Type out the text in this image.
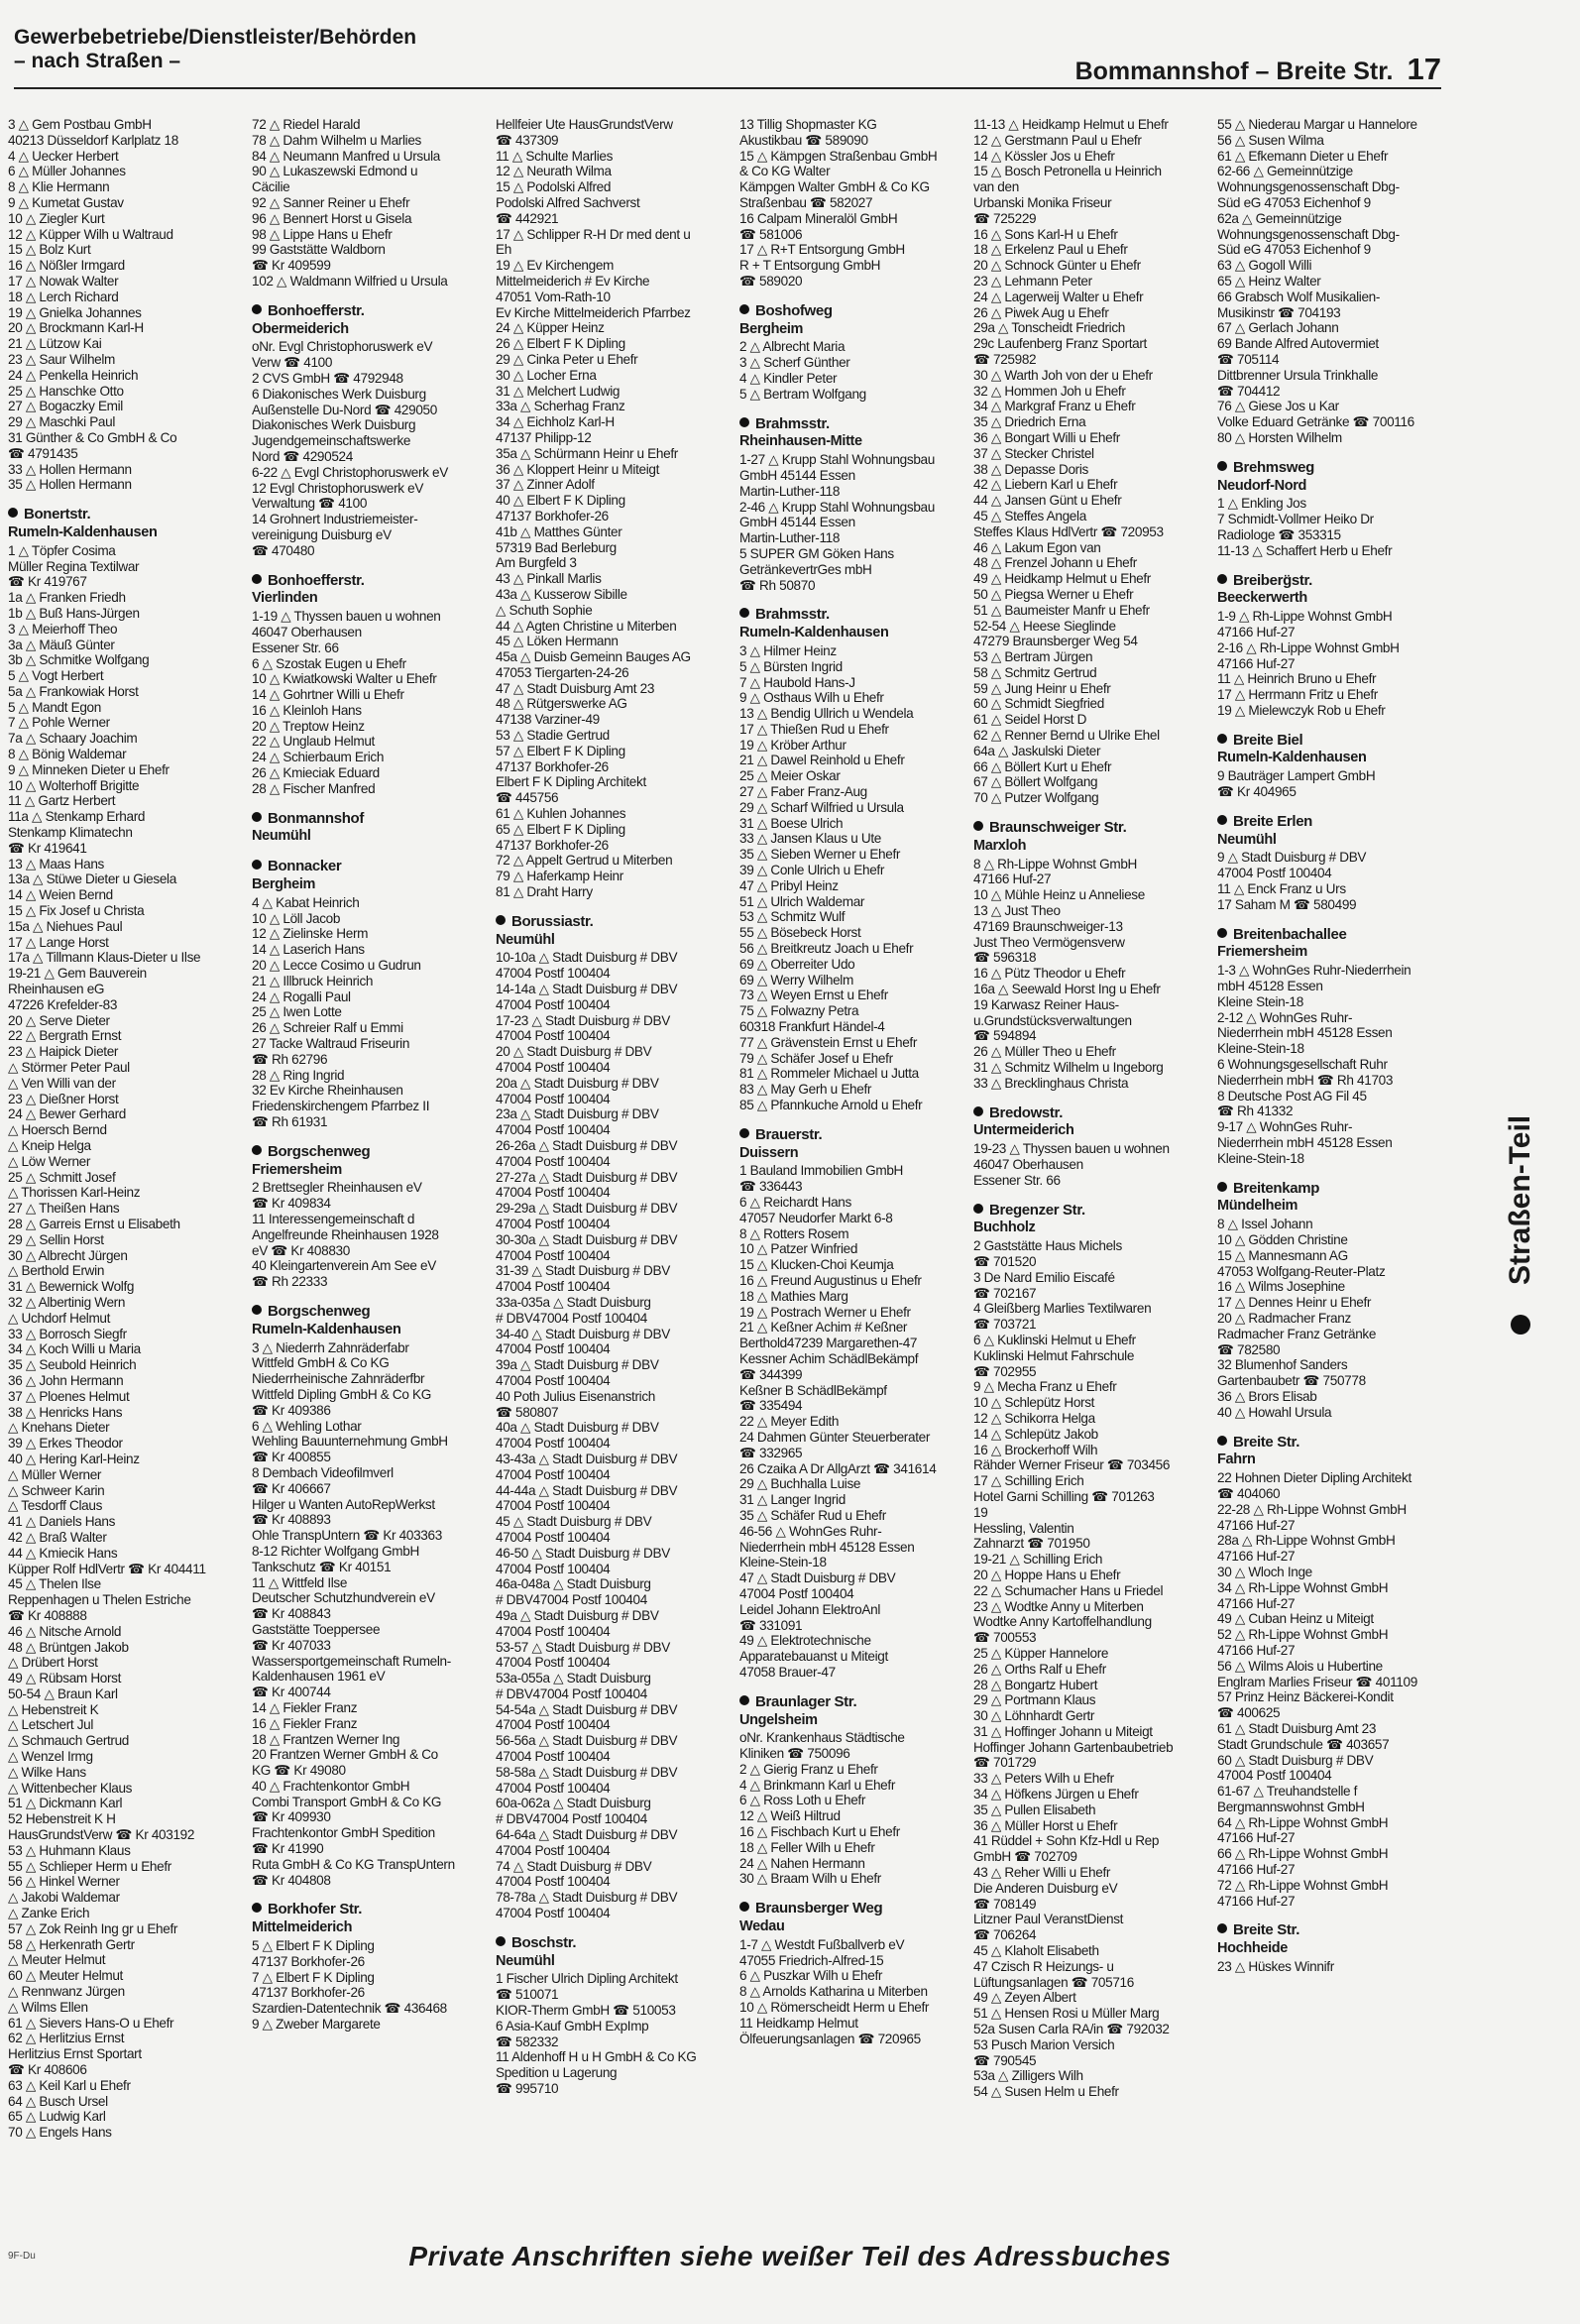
Gewerbebetriebe/Dienstleister/Behörden
– nach Straßen –	Bommannshof – Breite Str. 17
3 △ Gem Postbau GmbH
40213 Düsseldorf Karlplatz 18
4 △ Uecker Herbert
6 △ Müller Johannes
8 △ Klie Hermann
9 △ Kumetat Gustav
10 △ Ziegler Kurt
12 △ Küpper Wilh u Waltraud
15 △ Bolz Kurt
16 △ Nößler Irmgard
17 △ Nowak Walter
18 △ Lerch Richard
19 △ Gnielka Johannes
20 △ Brockmann Karl-H
21 △ Lützow Kai
23 △ Saur Wilhelm
24 △ Penkella Heinrich
25 △ Hanschke Otto
27 △ Bogaczky Emil
29 △ Maschki Paul
31 Günther & Co GmbH & Co
☎ 4791435
33 △ Hollen Hermann
35 △ Hollen Hermann
Bonertstr.
Rumeln-Kaldenhausen
1 △ Töpfer Cosima
Müller Regina Textilwar
☎ Kr 419767
1a △ Franken Friedh
1b △ Buß Hans-Jürgen
3 △ Meierhoff Theo
3a △ Mäuß Günter
3b △ Schmitke Wolfgang
5 △ Vogt Herbert
5a △ Frankowiak Horst
5 △ Mandt Egon
7 △ Pohle Werner
7a △ Schaary Joachim
8 △ Bönig Waldemar
9 △ Minneken Dieter u Ehefr
10 △ Wolterhoff Brigitte
11 △ Gartz Herbert
11a △ Stenkamp Erhard
Stenkamp Klimatechn
☎ Kr 419641
13 △ Maas Hans
13a △ Stüwe Dieter u Giesela
14 △ Weien Bernd
15 △ Fix Josef u Christa
15a △ Niehues Paul
17 △ Lange Horst
17a △ Tillmann Klaus-Dieter u Ilse
19-21 △ Gem Bauverein
Rheinhausen eG
47226 Krefelder-83
20 △ Serve Dieter
22 △ Bergrath Ernst
23 △ Haipick Dieter
△ Störmer Peter Paul
△ Ven Willi van der
23 △ Dießner Horst
24 △ Bewer Gerhard
△ Hoersch Bernd
△ Kneip Helga
△ Löw Werner
25 △ Schmitt Josef
△ Thorissen Karl-Heinz
27 △ Theißen Hans
28 △ Garreis Ernst u Elisabeth
29 △ Sellin Horst
30 △ Albrecht Jürgen
△ Berthold Erwin
31 △ Bewernick Wolfg
32 △ Albertinig Wern
△ Uchdorf Helmut
33 △ Borrosch Siegfr
34 △ Koch Willi u Maria
35 △ Seubold Heinrich
36 △ John Hermann
37 △ Ploenes Helmut
38 △ Henricks Hans
△ Knehans Dieter
39 △ Erkes Theodor
40 △ Hering Karl-Heinz
△ Müller Werner
△ Schweer Karin
△ Tesdorff Claus
41 △ Daniels Hans
42 △ Braß Walter
44 △ Kmiecik Hans
Küpper Rolf HdlVertr ☎ Kr 404411
45 △ Thelen Ilse
Reppenhagen u Thelen Estriche
☎ Kr 408888
46 △ Nitsche Arnold
48 △ Brüntgen Jakob
△ Drübert Horst
49 △ Rübsam Horst
50-54 △ Braun Karl
△ Hebenstreit K
△ Letschert Jul
△ Schmauch Gertrud
△ Wenzel Irmg
△ Wilke Hans
△ Wittenbecher Klaus
51 △ Dickmann Karl
52 Hebenstreit K H
HausGrundstVerw ☎ Kr 403192
53 △ Huhmann Klaus
55 △ Schlieper Herm u Ehefr
56 △ Hinkel Werner
△ Jakobi Waldemar
△ Zanke Erich
57 △ Zok Reinh Ing gr u Ehefr
58 △ Herkenrath Gertr
△ Meuter Helmut
60 △ Meuter Helmut
△ Rennwanz Jürgen
△ Wilms Ellen
61 △ Sievers Hans-O u Ehefr
62 △ Herlitzius Ernst
Herlitzius Ernst Sportart
☎ Kr 408606
63 △ Keil Karl u Ehefr
64 △ Busch Ursel
65 △ Ludwig Karl
70 △ Engels Hans
72 △ Riedel Harald
78 △ Dahm Wilhelm u Marlies
84 △ Neumann Manfred u Ursula
90 △ Lukaszewski Edmond u
Cäcilie
92 △ Sanner Reiner u Ehefr
96 △ Bennert Horst u Gisela
98 △ Lippe Hans u Ehefr
99 Gaststätte Waldborn
☎ Kr 409599
102 △ Waldmann Wilfried u Ursula
Bonhoefferstr.
Obermeiderich
oNr. Evgl Christophoruswerk eV
Verw ☎ 4100
2 CVS GmbH ☎ 4792948
6 Diakonisches Werk Duisburg
Außenstelle Du-Nord ☎ 429050
Diakonisches Werk Duisburg
Jugendgemeinschaftswerke
Nord ☎ 4290524
6-22 △ Evgl Christophoruswerk eV
12 Evgl Christophoruswerk eV
Verwaltung ☎ 4100
14 Grohnert Industriemeister-
vereinigung Duisburg eV
☎ 470480
Bonhoefferstr.
Vierlinden
1-19 △ Thyssen bauen u wohnen
46047 Oberhausen
Essener Str. 66
6 △ Szostak Eugen u Ehefr
10 △ Kwiatkowski Walter u Ehefr
14 △ Gohrtner Willi u Ehefr
16 △ Kleinloh Hans
20 △ Treptow Heinz
22 △ Unglaub Helmut
24 △ Schierbaum Erich
26 △ Kmieciak Eduard
28 △ Fischer Manfred
Bonmannshof
Neumühl
Bonnacker
Bergheim
4 △ Kabat Heinrich
10 △ Löll Jacob
12 △ Zielinske Herm
14 △ Laserich Hans
20 △ Lecce Cosimo u Gudrun
21 △ Illbruck Heinrich
24 △ Rogalli Paul
25 △ Iwen Lotte
26 △ Schreier Ralf u Emmi
27 Tacke Waltraud Friseurin
☎ Rh 62796
28 △ Ring Ingrid
32 Ev Kirche Rheinhausen
Friedenskirchengem Pfarrbez II
☎ Rh 61931
Borgschenweg
Friemersheim
2 Brettsegler Rheinhausen eV
☎ Kr 409834
11 Interessengemeinschaft d
Angelfreunde Rheinhausen 1928
eV ☎ Kr 408830
40 Kleingartenverein Am See eV
☎ Rh 22333
Borgschenweg
Rumeln-Kaldenhausen
3 △ Niederrh Zahnräderfabr
Wittfeld GmbH & Co KG
Niederrheinische Zahnräderfbr
Wittfeld Dipling GmbH & Co KG
☎ Kr 409386
6 △ Wehling Lothar
Wehling Bauunternehmung GmbH
☎ Kr 400855
8 Dembach Videofilmverl
☎ Kr 406667
Hilger u Wanten AutoRepWerkst
☎ Kr 408893
Ohle TranspUntern ☎ Kr 403363
8-12 Richter Wolfgang GmbH
Tankschutz ☎ Kr 40151
11 △ Wittfeld Ilse
Deutscher Schutzhundverein eV
☎ Kr 408843
Gaststätte Toeppersee
☎ Kr 407033
Wassersportgemeinschaft Rumeln-
Kaldenhausen 1961 eV
☎ Kr 400744
14 △ Fiekler Franz
16 △ Fiekler Franz
18 △ Frantzen Werner Ing
20 Frantzen Werner GmbH & Co
KG ☎ Kr 49080
40 △ Frachtenkontor GmbH
Combi Transport GmbH & Co KG
☎ Kr 409930
Frachtenkontor GmbH Spedition
☎ Kr 41990
Ruta GmbH & Co KG TranspUntern
☎ Kr 404808
Borkhofer Str.
Mittelmeiderich
5 △ Elbert F K Dipling
47137 Borkhofer-26
7 △ Elbert F K Dipling
47137 Borkhofer-26
Szardien-Datentechnik ☎ 436468
9 △ Zweber Margarete
Hellfeier Ute HausGrundstVerw
☎ 437309
11 △ Schulte Marlies
12 △ Neurath Wilma
15 △ Podolski Alfred
Podolski Alfred Sachverst
☎ 442921
17 △ Schlipper R-H Dr med dent u
Eh
19 △ Ev Kirchengem
Mittelmeiderich # Ev Kirche
47051 Vom-Rath-10
Ev Kirche Mittelmeiderich Pfarrbez
24 △ Küpper Heinz
26 △ Elbert F K Dipling
29 △ Cinka Peter u Ehefr
30 △ Locher Erna
31 △ Melchert Ludwig
33a △ Scherhag Franz
34 △ Eichholz Karl-H
47137 Philipp-12
35a △ Schürmann Heinr u Ehefr
36 △ Kloppert Heinr u Miteigt
37 △ Zinner Adolf
40 △ Elbert F K Dipling
47137 Borkhofer-26
41b △ Matthes Günter
57319 Bad Berleburg
Am Burgfeld 3
43 △ Pinkall Marlis
43a △ Kusserow Sibille
△ Schuth Sophie
44 △ Agten Christine u Miterben
45 △ Löken Hermann
45a △ Duisb Gemeinn Bauges AG
47053 Tiergarten-24-26
47 △ Stadt Duisburg Amt 23
48 △ Rütgerswerke AG
47138 Varziner-49
53 △ Stadie Gertrud
57 △ Elbert F K Dipling
47137 Borkhofer-26
Elbert F K Dipling Architekt
☎ 445756
61 △ Kuhlen Johannes
65 △ Elbert F K Dipling
47137 Borkhofer-26
72 △ Appelt Gertrud u Miterben
79 △ Haferkamp Heinr
81 △ Draht Harry
Borussiastr.
Neumühl
10-10a △ Stadt Duisburg # DBV
47004 Postf 100404
14-14a △ Stadt Duisburg # DBV
47004 Postf 100404
17-23 △ Stadt Duisburg # DBV
47004 Postf 100404
20 △ Stadt Duisburg # DBV
47004 Postf 100404
20a △ Stadt Duisburg # DBV
47004 Postf 100404
23a △ Stadt Duisburg # DBV
47004 Postf 100404
26-26a △ Stadt Duisburg # DBV
47004 Postf 100404
27-27a △ Stadt Duisburg # DBV
47004 Postf 100404
29-29a △ Stadt Duisburg # DBV
47004 Postf 100404
30-30a △ Stadt Duisburg # DBV
47004 Postf 100404
31-39 △ Stadt Duisburg # DBV
47004 Postf 100404
33a-035a △ Stadt Duisburg
# DBV47004 Postf 100404
34-40 △ Stadt Duisburg # DBV
47004 Postf 100404
39a △ Stadt Duisburg # DBV
47004 Postf 100404
40 Poth Julius Eisenanstrich
☎ 580807
40a △ Stadt Duisburg # DBV
47004 Postf 100404
43-43a △ Stadt Duisburg # DBV
47004 Postf 100404
44-44a △ Stadt Duisburg # DBV
47004 Postf 100404
45 △ Stadt Duisburg # DBV
47004 Postf 100404
46-50 △ Stadt Duisburg # DBV
47004 Postf 100404
46a-048a △ Stadt Duisburg
# DBV47004 Postf 100404
49a △ Stadt Duisburg # DBV
47004 Postf 100404
53-57 △ Stadt Duisburg # DBV
47004 Postf 100404
53a-055a △ Stadt Duisburg
# DBV47004 Postf 100404
54-54a △ Stadt Duisburg # DBV
47004 Postf 100404
56-56a △ Stadt Duisburg # DBV
47004 Postf 100404
58-58a △ Stadt Duisburg # DBV
47004 Postf 100404
60a-062a △ Stadt Duisburg
# DBV47004 Postf 100404
64-64a △ Stadt Duisburg # DBV
47004 Postf 100404
74 △ Stadt Duisburg # DBV
47004 Postf 100404
78-78a △ Stadt Duisburg # DBV
47004 Postf 100404
Boschstr.
Neumühl
1 Fischer Ulrich Dipling Architekt
☎ 510071
KIOR-Therm GmbH ☎ 510053
6 Asia-Kauf GmbH ExpImp
☎ 582332
11 Aldenhoff H u H GmbH & Co KG
Spedition u Lagerung
☎ 995710
13 Tillig Shopmaster KG
Akustikbau ☎ 589090
15 △ Kämpgen Straßenbau GmbH
& Co KG Walter
Kämpgen Walter GmbH & Co KG
Straßenbau ☎ 582027
16 Calpam Mineralöl GmbH
☎ 581006
17 △ R+T Entsorgung GmbH
R + T Entsorgung GmbH
☎ 589020
Boshofweg
Bergheim
2 △ Albrecht Maria
3 △ Scherf Günther
4 △ Kindler Peter
5 △ Bertram Wolfgang
Brahmsstr.
Rheinhausen-Mitte
1-27 △ Krupp Stahl Wohnungsbau
GmbH 45144 Essen
Martin-Luther-118
2-46 △ Krupp Stahl Wohnungsbau
GmbH 45144 Essen
Martin-Luther-118
5 SUPER GM Göken Hans
GetränkevertrGes mbH
☎ Rh 50870
Brahmsstr.
Rumeln-Kaldenhausen
3 △ Hilmer Heinz
5 △ Bürsten Ingrid
7 △ Haubold Hans-J
9 △ Osthaus Wilh u Ehefr
13 △ Bendig Ullrich u Wendela
17 △ Thießen Rud u Ehefr
19 △ Kröber Arthur
21 △ Dawel Reinhold u Ehefr
25 △ Meier Oskar
27 △ Faber Franz-Aug
29 △ Scharf Wilfried u Ursula
31 △ Boese Ulrich
33 △ Jansen Klaus u Ute
35 △ Sieben Werner u Ehefr
39 △ Conle Ulrich u Ehefr
47 △ Pribyl Heinz
51 △ Ulrich Waldemar
53 △ Schmitz Wulf
55 △ Bösebeck Horst
56 △ Breitkreutz Joach u Ehefr
69 △ Oberreiter Udo
69 △ Werry Wilhelm
73 △ Weyen Ernst u Ehefr
75 △ Folwazny Petra
60318 Frankfurt Händel-4
77 △ Grävenstein Ernst u Ehefr
79 △ Schäfer Josef u Ehefr
81 △ Rommeler Michael u Jutta
83 △ May Gerh u Ehefr
85 △ Pfannkuche Arnold u Ehefr
Brauerstr.
Duissern
1 Bauland Immobilien GmbH
☎ 336443
6 △ Reichardt Hans
47057 Neudorfer Markt 6-8
8 △ Rotters Rosem
10 △ Patzer Winfried
15 △ Klucken-Choi Keumja
16 △ Freund Augustinus u Ehefr
18 △ Mathies Marg
19 △ Postrach Werner u Ehefr
21 △ Keßner Achim # Keßner
Berthold47239 Margarethen-47
Kessner Achim SchädlBekämpf
☎ 344399
Keßner B SchädlBekämpf
☎ 335494
22 △ Meyer Edith
24 Dahmen Günter Steuerberater
☎ 332965
26 Czaika A Dr AllgArzt ☎ 341614
29 △ Buchhalla Luise
31 △ Langer Ingrid
35 △ Schäfer Rud u Ehefr
46-56 △ WohnGes Ruhr-
Niederrhein mbH 45128 Essen
Kleine-Stein-18
47 △ Stadt Duisburg # DBV
47004 Postf 100404
Leidel Johann ElektroAnl
☎ 331091
49 △ Elektrotechnische
Apparatebauanst u Miteigt
47058 Brauer-47
Braunlager Str.
Ungelsheim
oNr. Krankenhaus Städtische
Kliniken ☎ 750096
2 △ Gierig Franz u Ehefr
4 △ Brinkmann Karl u Ehefr
6 △ Ross Loth u Ehefr
12 △ Weiß Hiltrud
16 △ Fischbach Kurt u Ehefr
18 △ Feller Wilh u Ehefr
24 △ Nahen Hermann
30 △ Braam Wilh u Ehefr
Braunsberger Weg
Wedau
1-7 △ Westdt Fußballverb eV
47055 Friedrich-Alfred-15
6 △ Puszkar Wilh u Ehefr
8 △ Arnolds Katharina u Miterben
10 △ Römerscheidt Herm u Ehefr
11 Heidkamp Helmut
Ölfeuerungsanlagen ☎ 720965
11-13 △ Heidkamp Helmut u Ehefr
12 △ Gerstmann Paul u Ehefr
14 △ Kössler Jos u Ehefr
15 △ Bosch Petronella u Heinrich
van den
Urbanski Monika Friseur
☎ 725229
16 △ Sons Karl-H u Ehefr
18 △ Erkelenz Paul u Ehefr
20 △ Schnock Günter u Ehefr
23 △ Lehmann Peter
24 △ Lagerweij Walter u Ehefr
26 △ Piwek Aug u Ehefr
29a △ Tonscheidt Friedrich
29c Laufenberg Franz Sportart
☎ 725982
30 △ Warth Joh von der u Ehefr
32 △ Hommen Joh u Ehefr
34 △ Markgraf Franz u Ehefr
35 △ Driedrich Erna
36 △ Bongart Willi u Ehefr
37 △ Stecker Christel
38 △ Depasse Doris
42 △ Liebern Karl u Ehefr
44 △ Jansen Günt u Ehefr
45 △ Steffes Angela
Steffes Klaus HdlVertr ☎ 720953
46 △ Lakum Egon van
48 △ Frenzel Johann u Ehefr
49 △ Heidkamp Helmut u Ehefr
50 △ Piegsa Werner u Ehefr
51 △ Baumeister Manfr u Ehefr
52-54 △ Heese Sieglinde
47279 Braunsberger Weg 54
53 △ Bertram Jürgen
58 △ Schmitz Gertrud
59 △ Jung Heinr u Ehefr
60 △ Schmidt Siegfried
61 △ Seidel Horst D
62 △ Renner Bernd u Ulrike Ehel
64a △ Jaskulski Dieter
66 △ Böllert Kurt u Ehefr
67 △ Böllert Wolfgang
70 △ Putzer Wolfgang
Braunschweiger Str.
Marxloh
8 △ Rh-Lippe Wohnst GmbH
47166 Huf-27
10 △ Mühle Heinz u Anneliese
13 △ Just Theo
47169 Braunschweiger-13
Just Theo Vermögensverw
☎ 596318
16 △ Pütz Theodor u Ehefr
16a △ Seewald Horst Ing u Ehefr
19 Karwasz Reiner Haus-
u.Grundstücksverwaltungen
☎ 594894
26 △ Müller Theo u Ehefr
31 △ Schmitz Wilhelm u Ingeborg
33 △ Brecklinghaus Christa
Bredowstr.
Untermeiderich
19-23 △ Thyssen bauen u wohnen
46047 Oberhausen
Essener Str. 66
Bregenzer Str.
Buchholz
2 Gaststätte Haus Michels
☎ 701520
3 De Nard Emilio Eiscafé
☎ 702167
4 Gleißberg Marlies Textilwaren
☎ 703721
6 △ Kuklinski Helmut u Ehefr
Kuklinski Helmut Fahrschule
☎ 702955
9 △ Mecha Franz u Ehefr
10 △ Schlepütz Horst
12 △ Schikorra Helga
14 △ Schlepütz Jakob
16 △ Brockerhoff Wilh
Rähder Werner Friseur ☎ 703456
17 △ Schilling Erich
Hotel Garni Schilling ☎ 701263
19
Hessling, Valentin
Zahnarzt ☎ 701950
19-21 △ Schilling Erich
20 △ Hoppe Hans u Ehefr
22 △ Schumacher Hans u Friedel
23 △ Wodtke Anny u Miterben
Wodtke Anny Kartoffelhandlung
☎ 700553
25 △ Küpper Hannelore
26 △ Orths Ralf u Ehefr
28 △ Bongartz Hubert
29 △ Portmann Klaus
30 △ Löhnhardt Gertr
31 △ Hoffinger Johann u Miteigt
Hoffinger Johann Gartenbaubetrieb
☎ 701729
33 △ Peters Wilh u Ehefr
34 △ Höfkens Jürgen u Ehefr
35 △ Pullen Elisabeth
36 △ Müller Horst u Ehefr
41 Rüddel + Sohn Kfz-Hdl u Rep
GmbH ☎ 702709
43 △ Reher Willi u Ehefr
Die Anderen Duisburg eV
☎ 708149
Litzner Paul VeranstDienst
☎ 706264
45 △ Klaholt Elisabeth
47 Czisch R Heizungs- u
Lüftungsanlagen ☎ 705716
49 △ Zeyen Albert
51 △ Hensen Rosi u Müller Marg
52a Susen Carla RA/in ☎ 792032
53 Pusch Marion Versich
☎ 790545
53a △ Zilligers Wilh
54 △ Susen Helm u Ehefr
55 △ Niederau Margar u Hannelore
56 △ Susen Wilma
61 △ Efkemann Dieter u Ehefr
62-66 △ Gemeinnützige
Wohnungsgenossenschaft Dbg-
Süd eG 47053 Eichenhof 9
62a △ Gemeinnützige
Wohnungsgenossenschaft Dbg-
Süd eG 47053 Eichenhof 9
63 △ Gogoll Willi
65 △ Heinz Walter
66 Grabsch Wolf Musikalien-
Musikinstr ☎ 704193
67 △ Gerlach Johann
69 Bande Alfred Autovermiet
☎ 705114
Dittbrenner Ursula Trinkhalle
☎ 704412
76 △ Giese Jos u Kar
Volke Eduard Getränke ☎ 700116
80 △ Horsten Wilhelm
Brehmsweg
Neudorf-Nord
1 △ Enkling Jos
7 Schmidt-Vollmer Heiko Dr
Radiologe ☎ 353315
11-13 △ Schaffert Herb u Ehefr
Breiberg̈str.
Beeckerwerth
1-9 △ Rh-Lippe Wohnst GmbH
47166 Huf-27
2-16 △ Rh-Lippe Wohnst GmbH
47166 Huf-27
11 △ Heinrich Bruno u Ehefr
17 △ Herrmann Fritz u Ehefr
19 △ Mielewczyk Rob u Ehefr
Breite Biel
Rumeln-Kaldenhausen
9 Bauträger Lampert GmbH
☎ Kr 404965
Breite Erlen
Neumühl
9 △ Stadt Duisburg # DBV
47004 Postf 100404
11 △ Enck Franz u Urs
17 Saham M ☎ 580499
Breitenbachallee
Friemersheim
1-3 △ WohnGes Ruhr-Niederrhein
mbH 45128 Essen
Kleine Stein-18
2-12 △ WohnGes Ruhr-
Niederrhein mbH 45128 Essen
Kleine-Stein-18
6 Wohnungsgesellschaft Ruhr
Niederrhein mbH ☎ Rh 41703
8 Deutsche Post AG Fil 45
☎ Rh 41332
9-17 △ WohnGes Ruhr-
Niederrhein mbH 45128 Essen
Kleine-Stein-18
Breitenkamp
Mündelheim
8 △ Issel Johann
10 △ Gödden Christine
15 △ Mannesmann AG
47053 Wolfgang-Reuter-Platz
16 △ Wilms Josephine
17 △ Dennes Heinr u Ehefr
20 △ Radmacher Franz
Radmacher Franz Getränke
☎ 782580
32 Blumenhof Sanders
Gartenbaubetr ☎ 750778
36 △ Brors Elisab
40 △ Howahl Ursula
Breite Str.
Fahrn
22 Hohnen Dieter Dipling Architekt
☎ 404060
22-28 △ Rh-Lippe Wohnst GmbH
47166 Huf-27
28a △ Rh-Lippe Wohnst GmbH
47166 Huf-27
30 △ Wloch Inge
34 △ Rh-Lippe Wohnst GmbH
47166 Huf-27
49 △ Cuban Heinz u Miteigt
52 △ Rh-Lippe Wohnst GmbH
47166 Huf-27
56 △ Wilms Alois u Hubertine
Englram Marlies Friseur ☎ 401109
57 Prinz Heinz Bäckerei-Kondit
☎ 400625
61 △ Stadt Duisburg Amt 23
Stadt Grundschule ☎ 403657
60 △ Stadt Duisburg # DBV
47004 Postf 100404
61-67 △ Treuhandstelle f
Bergmannswohnst GmbH
64 △ Rh-Lippe Wohnst GmbH
47166 Huf-27
66 △ Rh-Lippe Wohnst GmbH
47166 Huf-27
72 △ Rh-Lippe Wohnst GmbH
47166 Huf-27
Breite Str.
Hochheide
23 △ Hüskes Winnifr
Straßen-Teil
9F-Du	Private Anschriften siehe weißer Teil des Adressbuches
